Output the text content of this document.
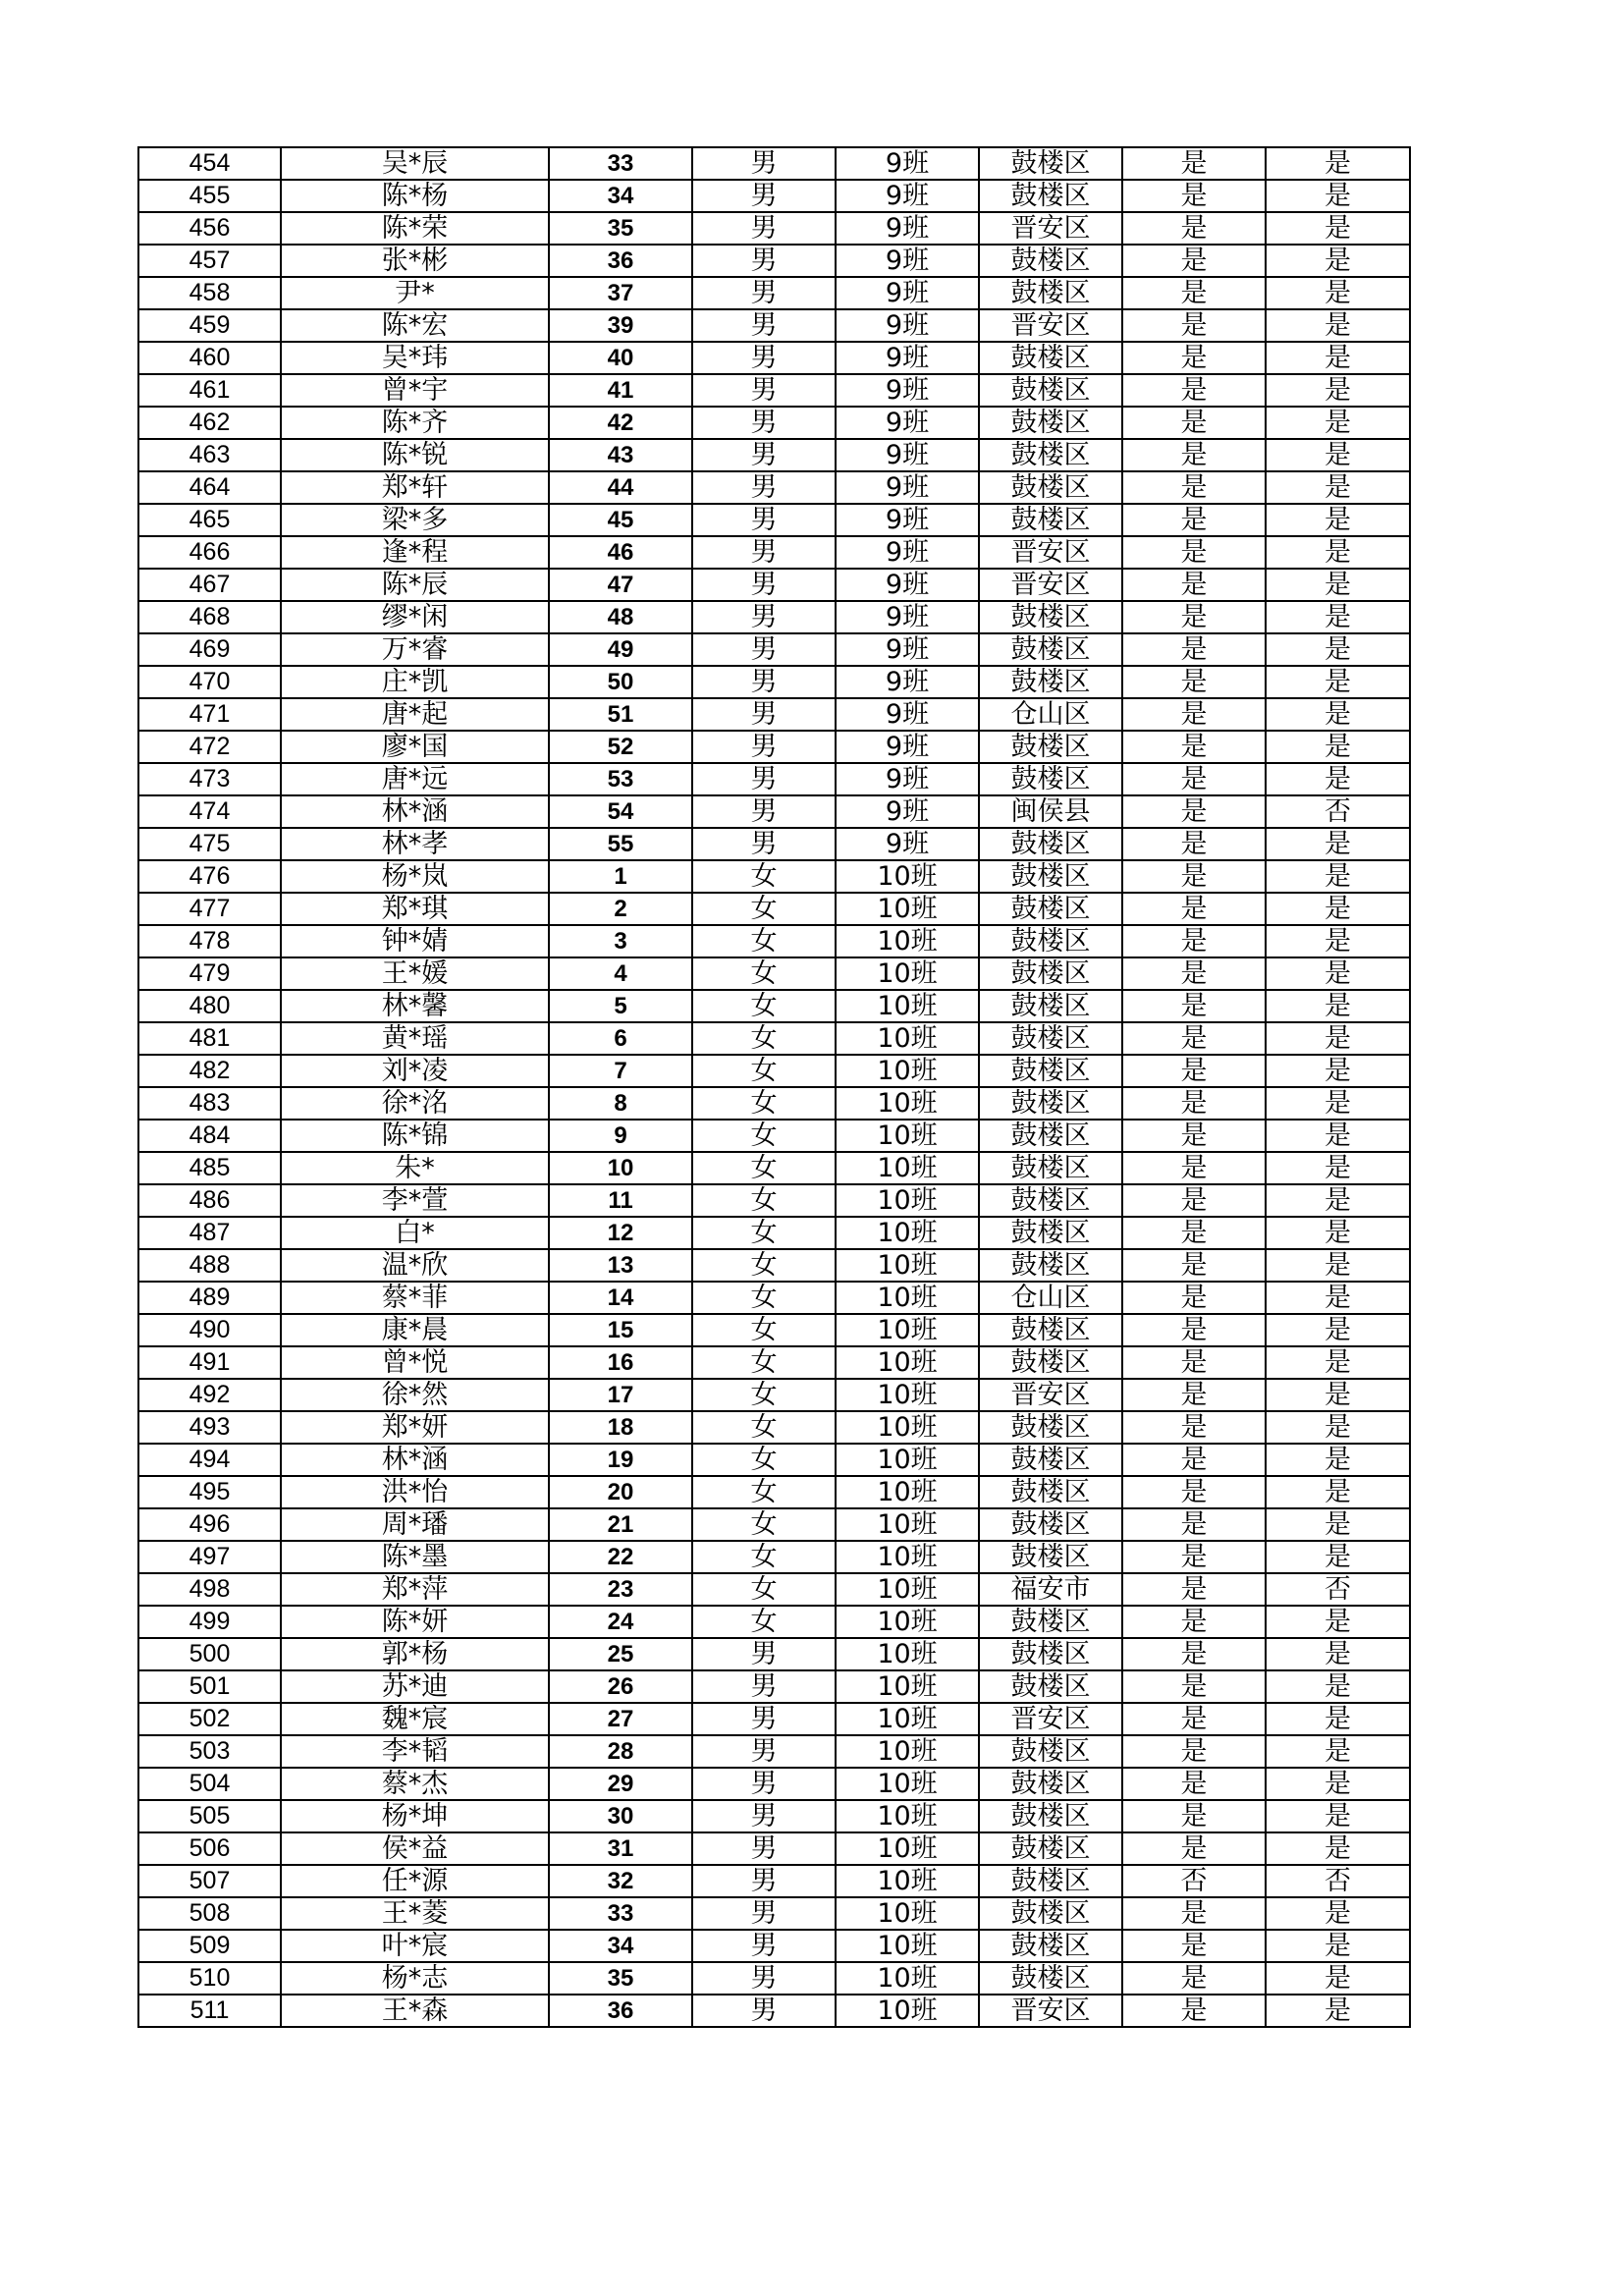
454	吴*辰	33	男	9班	鼓楼区	是	是
455	陈*杨	34	男	9班	鼓楼区	是	是
456	陈*荣	35	男	9班	晋安区	是	是
457	张*彬	36	男	9班	鼓楼区	是	是
458	尹*	37	男	9班	鼓楼区	是	是
459	陈*宏	39	男	9班	晋安区	是	是
460	吴*玮	40	男	9班	鼓楼区	是	是
461	曾*宇	41	男	9班	鼓楼区	是	是
462	陈*齐	42	男	9班	鼓楼区	是	是
463	陈*锐	43	男	9班	鼓楼区	是	是
464	郑*轩	44	男	9班	鼓楼区	是	是
465	梁*多	45	男	9班	鼓楼区	是	是
466	逢*程	46	男	9班	晋安区	是	是
467	陈*辰	47	男	9班	晋安区	是	是
468	缪*闲	48	男	9班	鼓楼区	是	是
469	万*睿	49	男	9班	鼓楼区	是	是
470	庄*凯	50	男	9班	鼓楼区	是	是
471	唐*起	51	男	9班	仓山区	是	是
472	廖*国	52	男	9班	鼓楼区	是	是
473	唐*远	53	男	9班	鼓楼区	是	是
474	林*涵	54	男	9班	闽侯县	是	否
475	林*孝	55	男	9班	鼓楼区	是	是
476	杨*岚	1	女	10班	鼓楼区	是	是
477	郑*琪	2	女	10班	鼓楼区	是	是
478	钟*婧	3	女	10班	鼓楼区	是	是
479	王*媛	4	女	10班	鼓楼区	是	是
480	林*馨	5	女	10班	鼓楼区	是	是
481	黄*瑶	6	女	10班	鼓楼区	是	是
482	刘*凌	7	女	10班	鼓楼区	是	是
483	徐*洺	8	女	10班	鼓楼区	是	是
484	陈*锦	9	女	10班	鼓楼区	是	是
485	朱*	10	女	10班	鼓楼区	是	是
486	李*萱	11	女	10班	鼓楼区	是	是
487	白*	12	女	10班	鼓楼区	是	是
488	温*欣	13	女	10班	鼓楼区	是	是
489	蔡*菲	14	女	10班	仓山区	是	是
490	康*晨	15	女	10班	鼓楼区	是	是
491	曾*悦	16	女	10班	鼓楼区	是	是
492	徐*然	17	女	10班	晋安区	是	是
493	郑*妍	18	女	10班	鼓楼区	是	是
494	林*涵	19	女	10班	鼓楼区	是	是
495	洪*怡	20	女	10班	鼓楼区	是	是
496	周*璠	21	女	10班	鼓楼区	是	是
497	陈*墨	22	女	10班	鼓楼区	是	是
498	郑*萍	23	女	10班	福安市	是	否
499	陈*妍	24	女	10班	鼓楼区	是	是
500	郭*杨	25	男	10班	鼓楼区	是	是
501	苏*迪	26	男	10班	鼓楼区	是	是
502	魏*宸	27	男	10班	晋安区	是	是
503	李*韬	28	男	10班	鼓楼区	是	是
504	蔡*杰	29	男	10班	鼓楼区	是	是
505	杨*坤	30	男	10班	鼓楼区	是	是
506	侯*益	31	男	10班	鼓楼区	是	是
507	任*源	32	男	10班	鼓楼区	否	否
508	王*菱	33	男	10班	鼓楼区	是	是
509	叶*宸	34	男	10班	鼓楼区	是	是
510	杨*志	35	男	10班	鼓楼区	是	是
511	王*森	36	男	10班	晋安区	是	是
